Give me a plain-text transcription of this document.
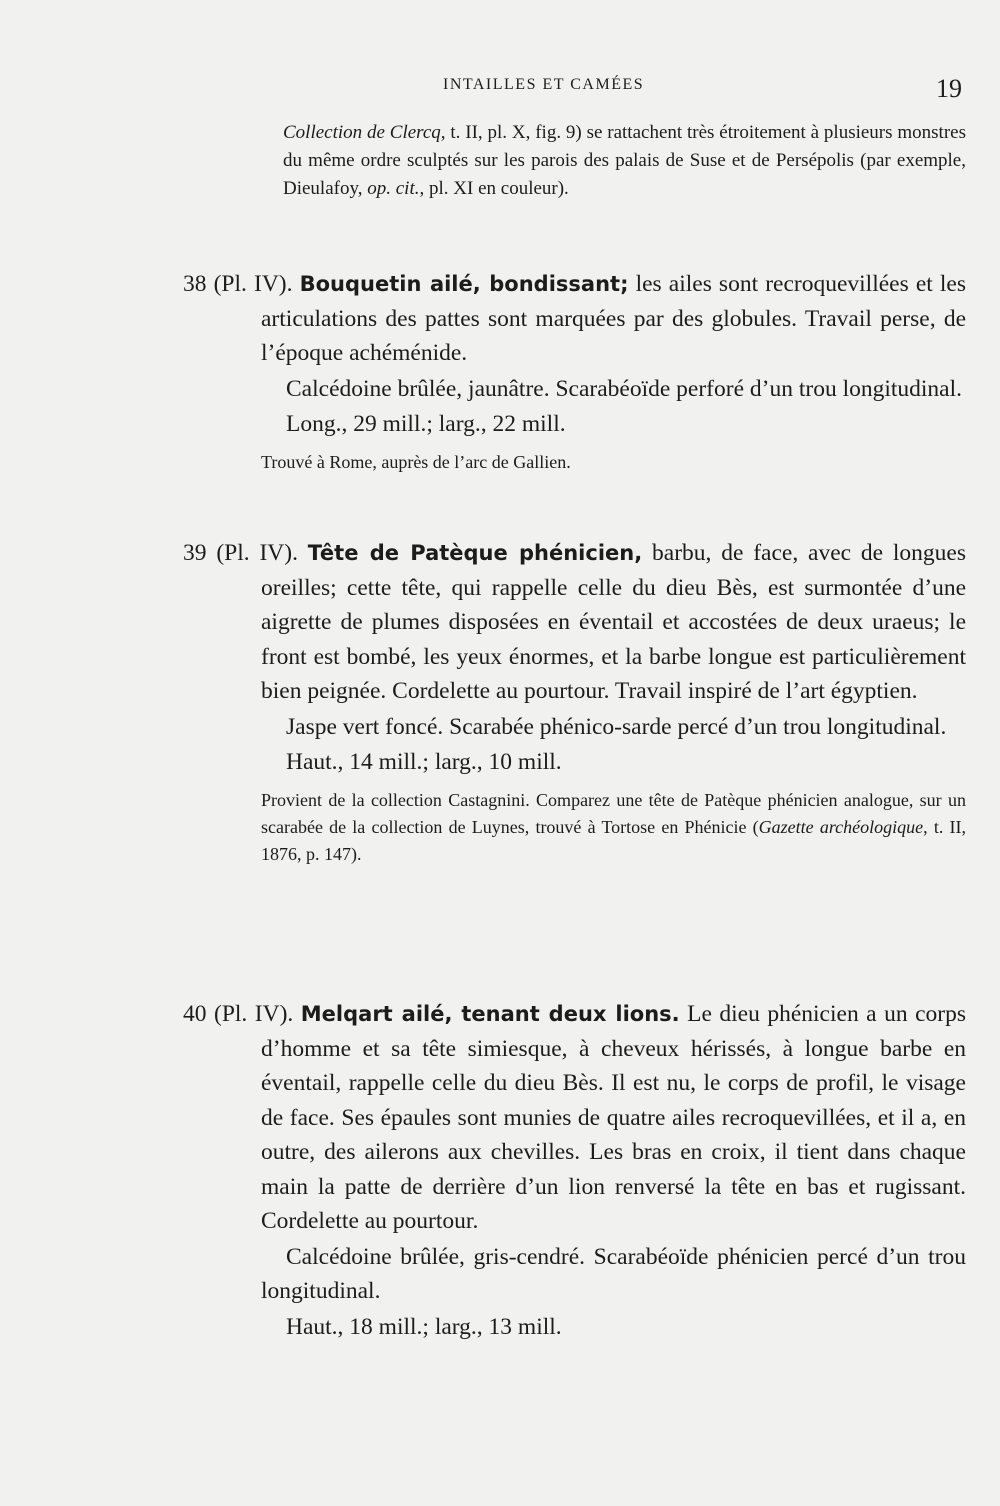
INTAILLES ET CAMÉES	19

Collection de Clercq, t. II, pl. X, fig. 9) se rattachent très étroitement à plusieurs monstres du même ordre sculptés sur les parois des palais de Suse et de Persépolis (par exemple, Dieulafoy, op. cit., pl. XI en couleur).

38 (Pl. IV). Bouquetin ailé, bondissant; les ailes sont recroquevillées et les articulations des pattes sont marquées par des globules. Travail perse, de l’époque achéménide.

Calcédoine brûlée, jaunâtre. Scarabéoïde perforé d’un trou longitudinal.

Long., 29 mill.; larg., 22 mill.

Trouvé à Rome, auprès de l’arc de Gallien.

39 (Pl. IV). Tête de Patèque phénicien, barbu, de face, avec de longues oreilles; cette tête, qui rappelle celle du dieu Bès, est surmontée d’une aigrette de plumes disposées en éventail et accostées de deux uraeus; le front est bombé, les yeux énormes, et la barbe longue est particulièrement bien peignée. Cordelette au pourtour. Travail inspiré de l’art égyptien.

Jaspe vert foncé. Scarabée phénico-sarde percé d’un trou longitudinal.

Haut., 14 mill.; larg., 10 mill.

Provient de la collection Castagnini. Comparez une tête de Patèque phénicien analogue, sur un scarabée de la collection de Luynes, trouvé à Tortose en Phénicie (Gazette archéologique, t. II, 1876, p. 147).

40 (Pl. IV). Melqart ailé, tenant deux lions. Le dieu phénicien a un corps d’homme et sa tête simiesque, à cheveux hérissés, à longue barbe en éventail, rappelle celle du dieu Bès. Il est nu, le corps de profil, le visage de face. Ses épaules sont munies de quatre ailes recroquevillées, et il a, en outre, des ailerons aux chevilles. Les bras en croix, il tient dans chaque main la patte de derrière d’un lion renversé la tête en bas et rugissant. Cordelette au pourtour.

Calcédoine brûlée, gris-cendré. Scarabéoïde phénicien percé d’un trou longitudinal.

Haut., 18 mill.; larg., 13 mill.
